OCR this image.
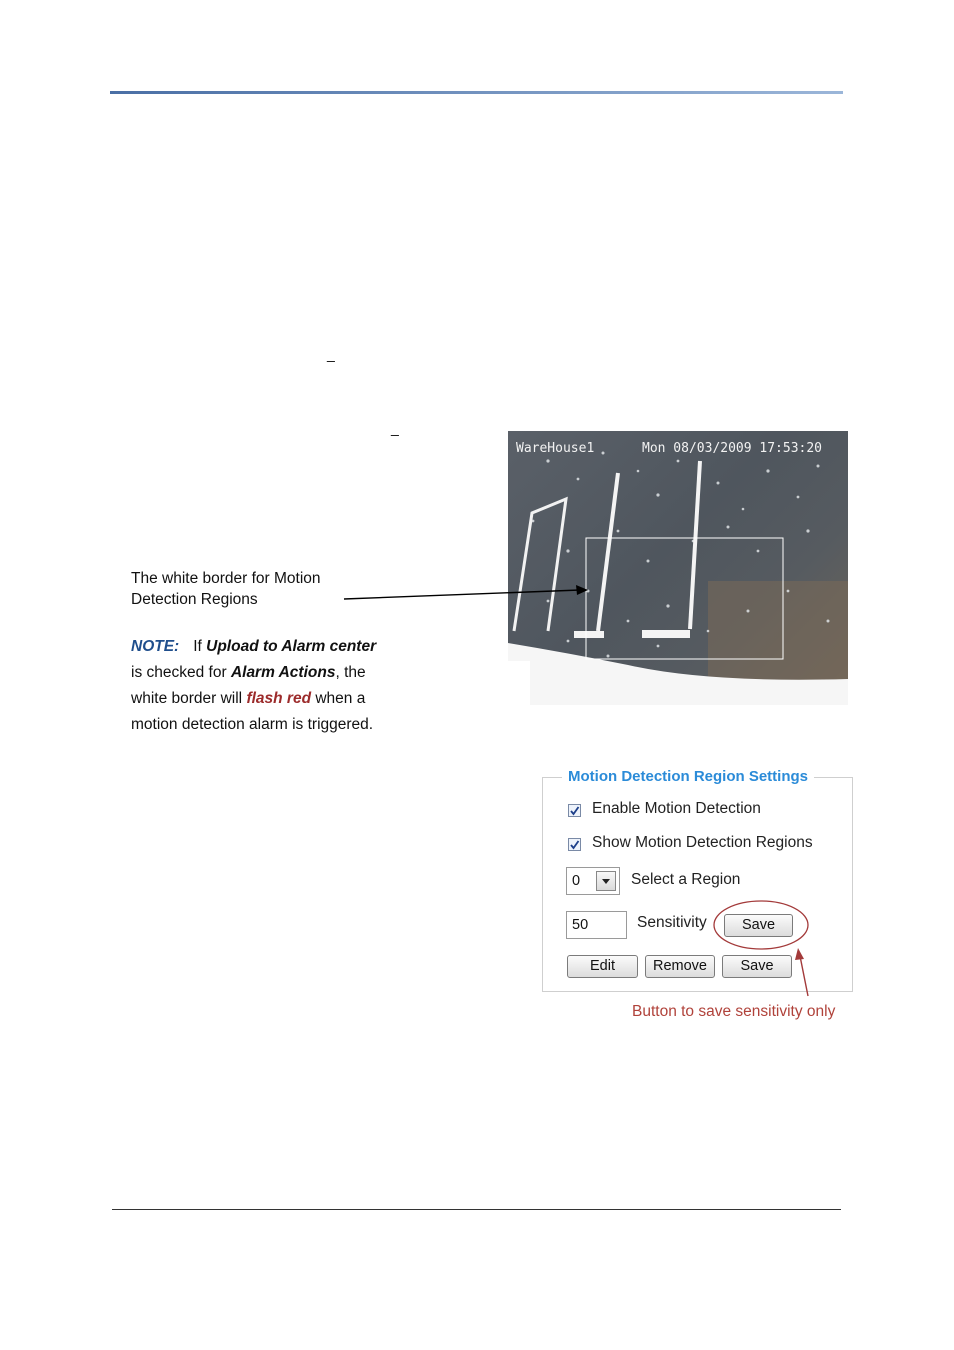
_
_
WareHouse1	Mon 08/03/2009 17:53:20
The white border for Motion
Detection Regions
NOTE: If Upload to Alarm center
is checked for Alarm Actions, the
white border will flash red when a
motion detection alarm is triggered.
Motion Detection Region Settings
Enable Motion Detection
Show Motion Detection Regions
0	Select a Region
50	Sensitivity	Save
Edit	Remove	Save
Button to save sensitivity only
